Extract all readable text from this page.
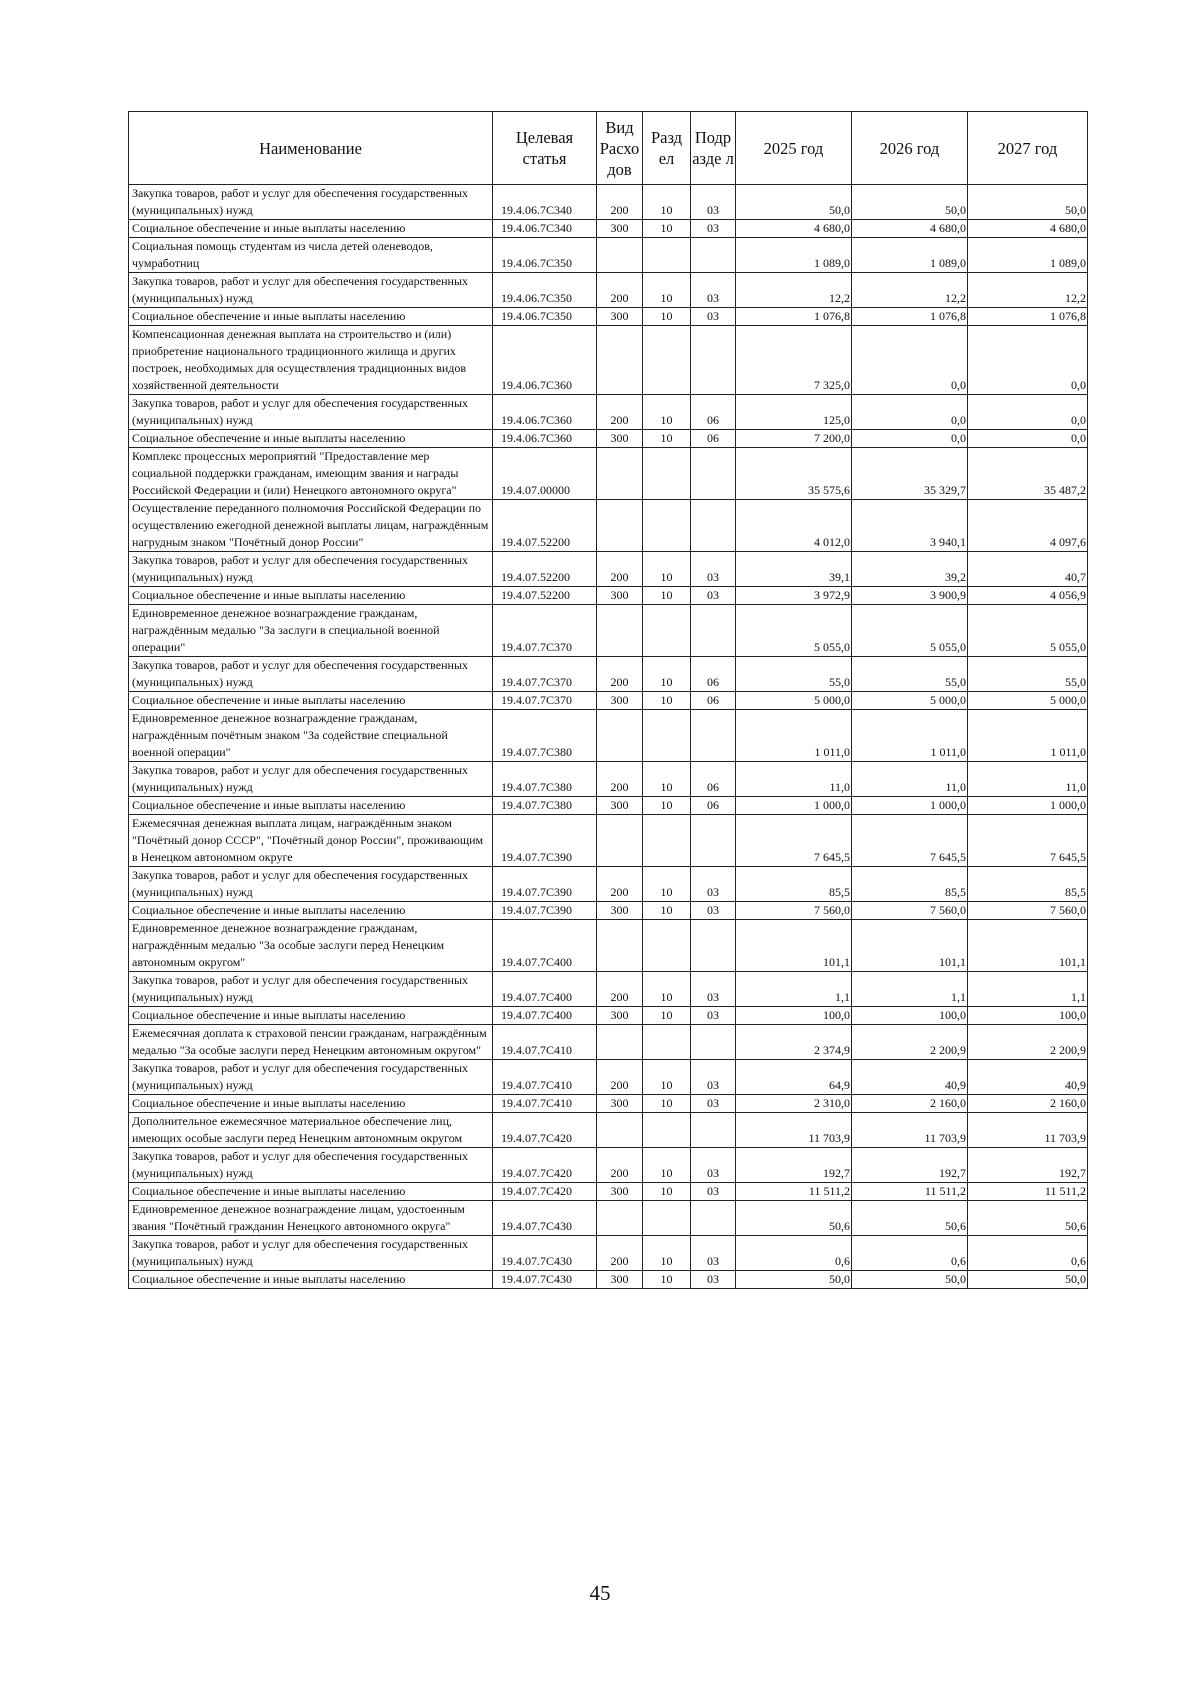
Наименование	Целевая статья	Вид Расхо дов	Разд ел	Подр азде л	2025 год	2026 год	2027 год
Закупка товаров, работ и услуг для обеспечения государственных (муниципальных) нужд	19.4.06.7С340	200	10	03	50,0	50,0	50,0
Социальное обеспечение и иные выплаты населению	19.4.06.7С340	300	10	03	4 680,0	4 680,0	4 680,0
Социальная помощь студентам из числа детей оленеводов, чумработниц	19.4.06.7С350				1 089,0	1 089,0	1 089,0
Закупка товаров, работ и услуг для обеспечения государственных (муниципальных) нужд	19.4.06.7С350	200	10	03	12,2	12,2	12,2
Социальное обеспечение и иные выплаты населению	19.4.06.7С350	300	10	03	1 076,8	1 076,8	1 076,8
Компенсационная денежная выплата на строительство и (или) приобретение национального традиционного жилища и других построек, необходимых для осуществления традиционных видов хозяйственной деятельности	19.4.06.7С360				7 325,0	0,0	0,0
Закупка товаров, работ и услуг для обеспечения государственных (муниципальных) нужд	19.4.06.7С360	200	10	06	125,0	0,0	0,0
Социальное обеспечение и иные выплаты населению	19.4.06.7С360	300	10	06	7 200,0	0,0	0,0
Комплекс процессных мероприятий "Предоставление мер социальной поддержки гражданам, имеющим звания и награды Российской Федерации и (или) Ненецкого автономного округа"	19.4.07.00000				35 575,6	35 329,7	35 487,2
Осуществление переданного полномочия Российской Федерации по осуществлению ежегодной денежной выплаты лицам, награждённым нагрудным знаком "Почётный донор России"	19.4.07.52200				4 012,0	3 940,1	4 097,6
Закупка товаров, работ и услуг для обеспечения государственных (муниципальных) нужд	19.4.07.52200	200	10	03	39,1	39,2	40,7
Социальное обеспечение и иные выплаты населению	19.4.07.52200	300	10	03	3 972,9	3 900,9	4 056,9
Единовременное денежное вознаграждение гражданам, награждённым медалью "За заслуги в специальной военной операции"	19.4.07.7С370				5 055,0	5 055,0	5 055,0
Закупка товаров, работ и услуг для обеспечения государственных (муниципальных) нужд	19.4.07.7С370	200	10	06	55,0	55,0	55,0
Социальное обеспечение и иные выплаты населению	19.4.07.7С370	300	10	06	5 000,0	5 000,0	5 000,0
Единовременное денежное вознаграждение гражданам, награждённым почётным знаком "За содействие специальной военной операции"	19.4.07.7С380				1 011,0	1 011,0	1 011,0
Закупка товаров, работ и услуг для обеспечения государственных (муниципальных) нужд	19.4.07.7С380	200	10	06	11,0	11,0	11,0
Социальное обеспечение и иные выплаты населению	19.4.07.7С380	300	10	06	1 000,0	1 000,0	1 000,0
Ежемесячная денежная выплата лицам, награждённым знаком "Почётный донор СССР", "Почётный донор России", проживающим в Ненецком автономном округе	19.4.07.7С390				7 645,5	7 645,5	7 645,5
Закупка товаров, работ и услуг для обеспечения государственных (муниципальных) нужд	19.4.07.7С390	200	10	03	85,5	85,5	85,5
Социальное обеспечение и иные выплаты населению	19.4.07.7С390	300	10	03	7 560,0	7 560,0	7 560,0
Единовременное денежное вознаграждение гражданам, награждённым медалью "За особые заслуги перед Ненецким автономным округом"	19.4.07.7С400				101,1	101,1	101,1
Закупка товаров, работ и услуг для обеспечения государственных (муниципальных) нужд	19.4.07.7С400	200	10	03	1,1	1,1	1,1
Социальное обеспечение и иные выплаты населению	19.4.07.7С400	300	10	03	100,0	100,0	100,0
Ежемесячная доплата к страховой пенсии гражданам, награждённым медалью "За особые заслуги перед Ненецким автономным округом"	19.4.07.7С410				2 374,9	2 200,9	2 200,9
Закупка товаров, работ и услуг для обеспечения государственных (муниципальных) нужд	19.4.07.7С410	200	10	03	64,9	40,9	40,9
Социальное обеспечение и иные выплаты населению	19.4.07.7С410	300	10	03	2 310,0	2 160,0	2 160,0
Дополнительное ежемесячное материальное обеспечение лиц, имеющих особые заслуги перед Ненецким автономным округом	19.4.07.7С420				11 703,9	11 703,9	11 703,9
Закупка товаров, работ и услуг для обеспечения государственных (муниципальных) нужд	19.4.07.7С420	200	10	03	192,7	192,7	192,7
Социальное обеспечение и иные выплаты населению	19.4.07.7С420	300	10	03	11 511,2	11 511,2	11 511,2
Единовременное денежное вознаграждение лицам, удостоенным звания "Почётный гражданин Ненецкого автономного округа"	19.4.07.7С430				50,6	50,6	50,6
Закупка товаров, работ и услуг для обеспечения государственных (муниципальных) нужд	19.4.07.7С430	200	10	03	0,6	0,6	0,6
Социальное обеспечение и иные выплаты населению	19.4.07.7С430	300	10	03	50,0	50,0	50,0
45
